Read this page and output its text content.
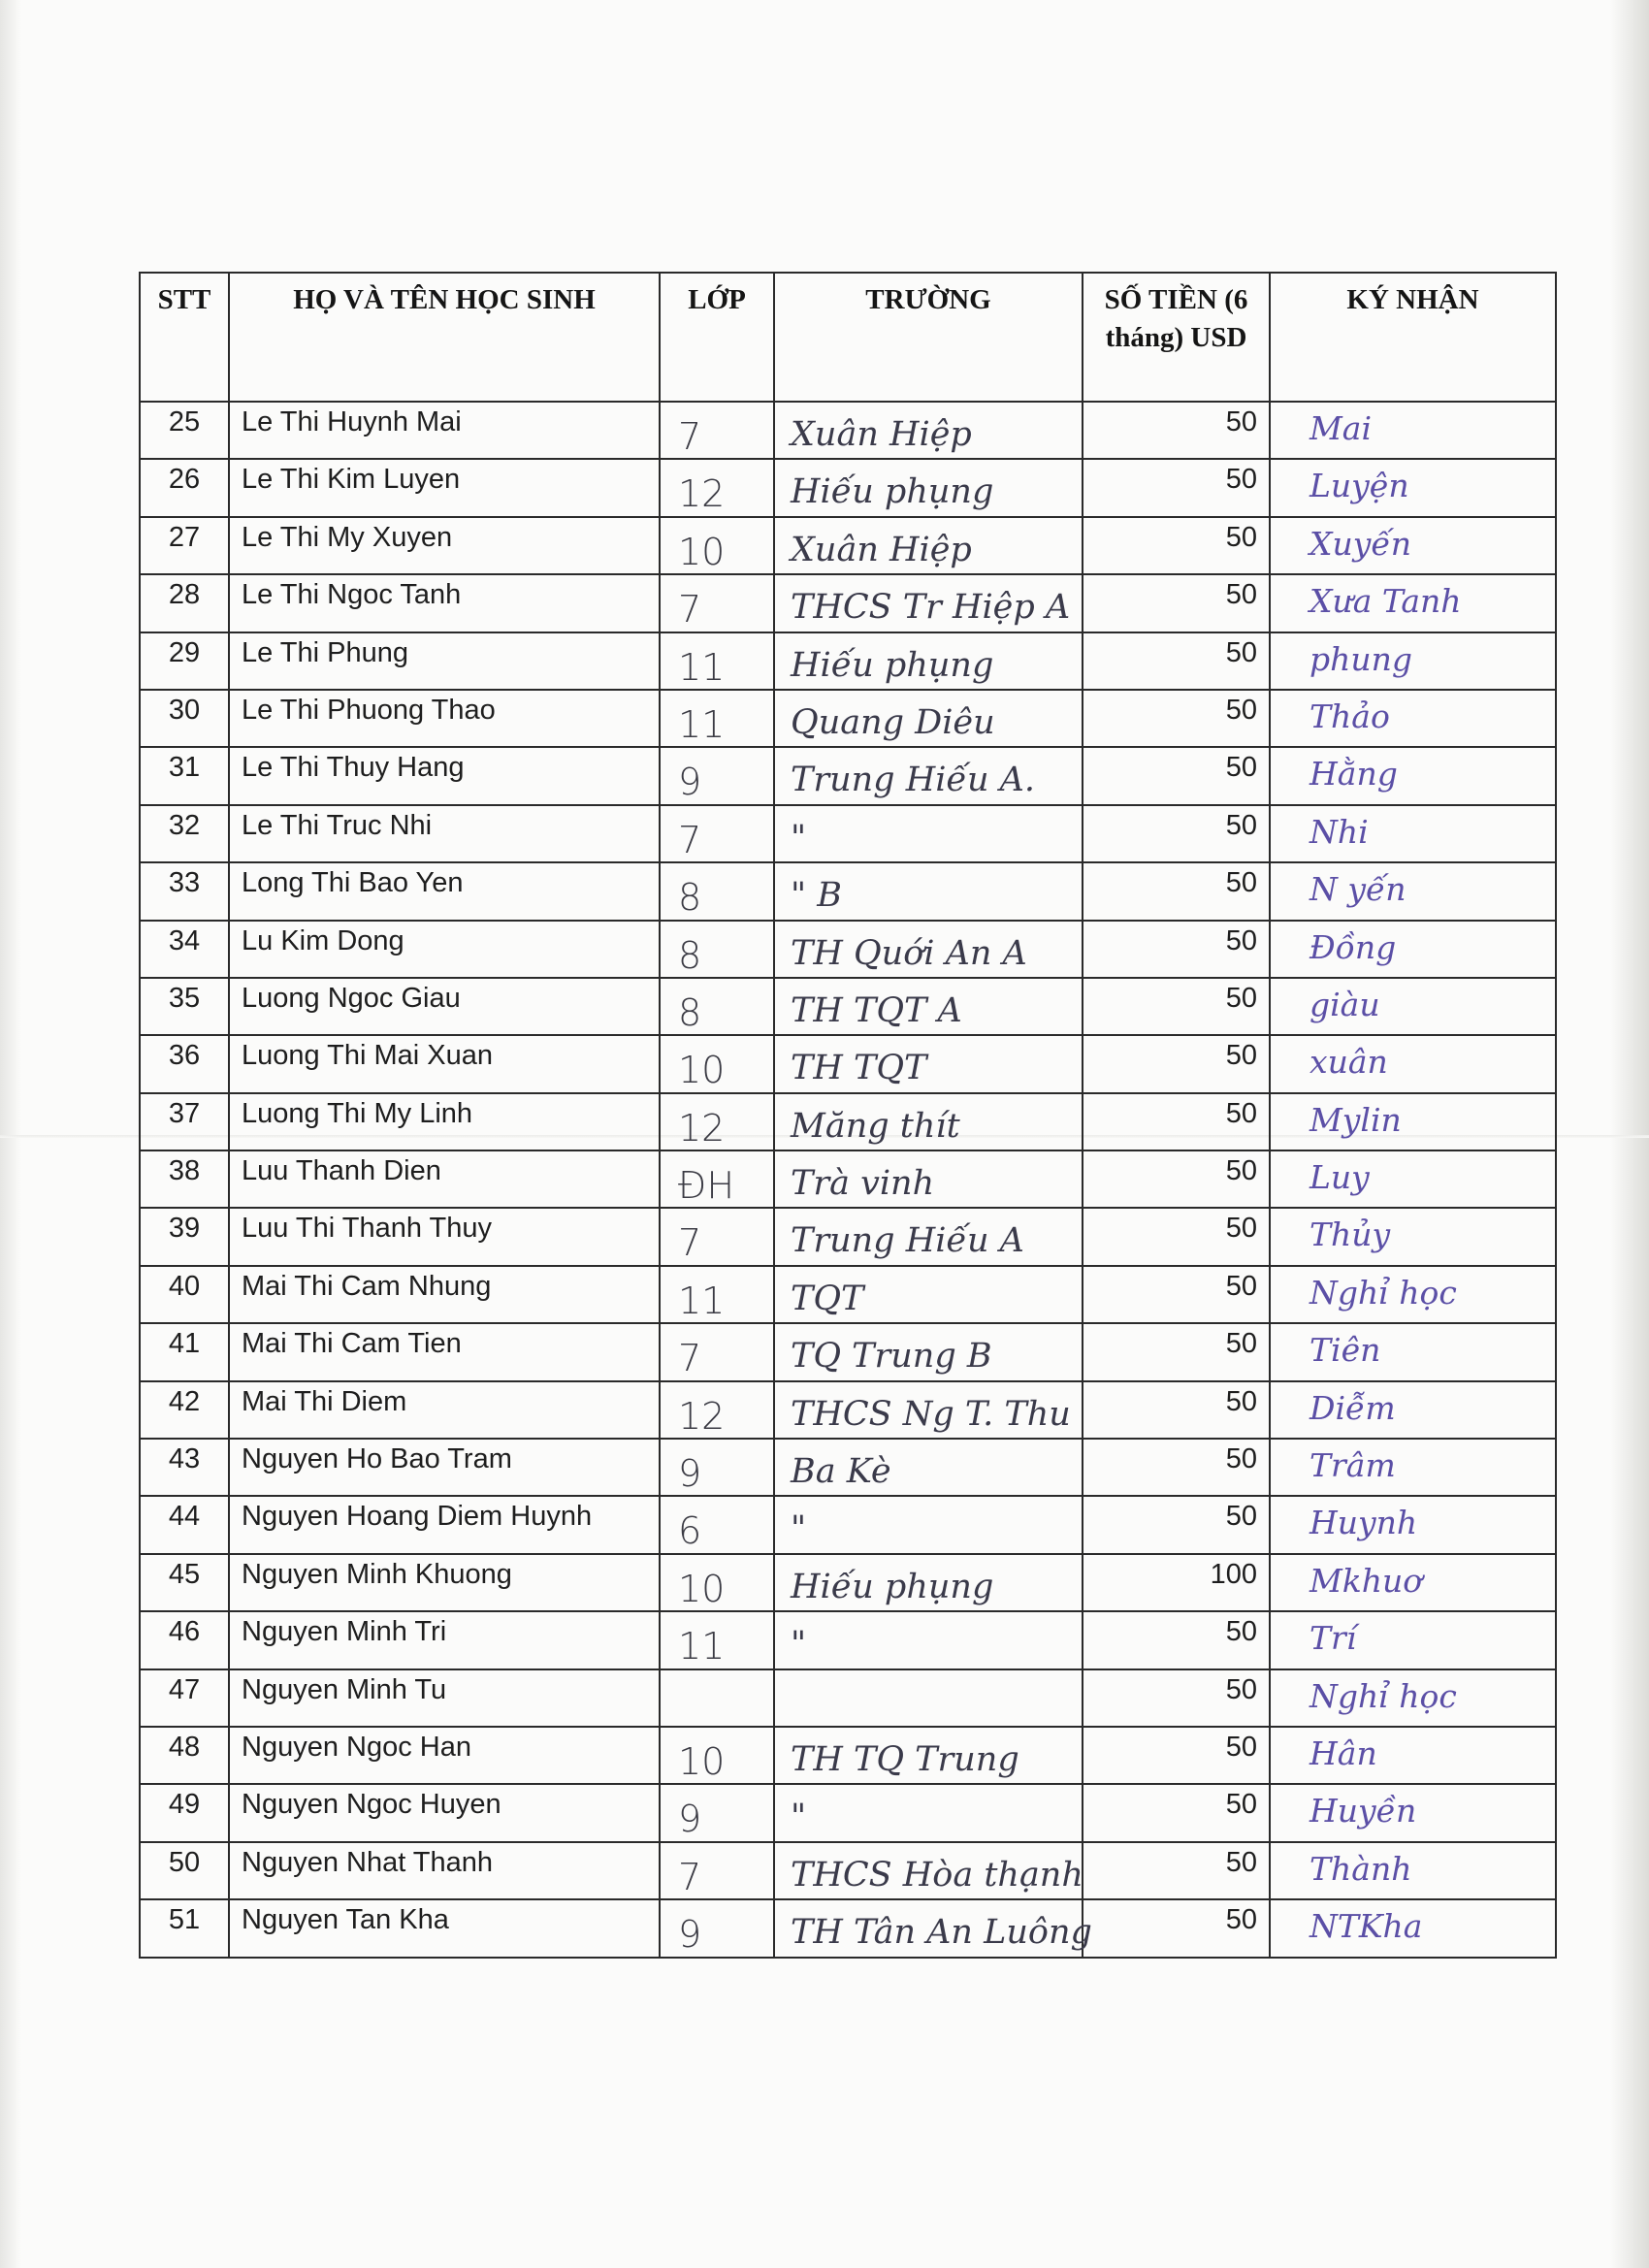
STT	HỌ VÀ TÊN HỌC SINH	LỚP	TRƯỜNG	SỐ TIỀN (6 tháng) USD	KÝ NHẬN
25	Le Thi Huynh Mai	7	Xuân Hiệp	50	Mai

26	Le Thi Kim Luyen	12	Hiếu phụng	50	Luyện

27	Le Thi My Xuyen	10	Xuân Hiệp	50	Xuyến

28	Le Thi Ngoc Tanh	7	THCS Tr Hiệp A	50	Xưa Tanh

29	Le Thi Phung	11	Hiếu phụng	50	phung

30	Le Thi Phuong Thao	11	Quang Diêu	50	Thảo

31	Le Thi Thuy Hang	9	Trung Hiếu A.	50	Hằng

32	Le Thi Truc Nhi	7	"	50	Nhi

33	Long Thi Bao Yen	8	" B	50	N yến

34	Lu Kim Dong	8	TH Quới An A	50	Đồng

35	Luong Ngoc Giau	8	TH TQT A	50	giàu

36	Luong Thi Mai Xuan	10	TH TQT	50	xuân

37	Luong Thi My Linh	12	Măng thít	50	Mylin

38	Luu Thanh Dien	ĐH	Trà vinh	50	Luy

39	Luu Thi Thanh Thuy	7	Trung Hiếu A	50	Thủy

40	Mai Thi Cam Nhung	11	TQT	50	Nghỉ học

41	Mai Thi Cam Tien	7	TQ Trung B	50	Tiên

42	Mai Thi Diem	12	THCS Ng T. Thu	50	Diễm

43	Nguyen Ho Bao Tram	9	Ba Kè	50	Trâm

44	Nguyen Hoang Diem Huynh	6	"	50	Huynh

45	Nguyen Minh Khuong	10	Hiếu phụng	100	Mkhuơ

46	Nguyen Minh Tri	11	"	50	Trí

47	Nguyen Minh Tu			50	Nghỉ học

48	Nguyen Ngoc Han	10	TH TQ Trung	50	Hân

49	Nguyen Ngoc Huyen	9	"	50	Huyền

50	Nguyen Nhat Thanh	7	THCS Hòa thạnh	50	Thành

51	Nguyen Tan Kha	9	TH Tân An Luông	50	NTKha
